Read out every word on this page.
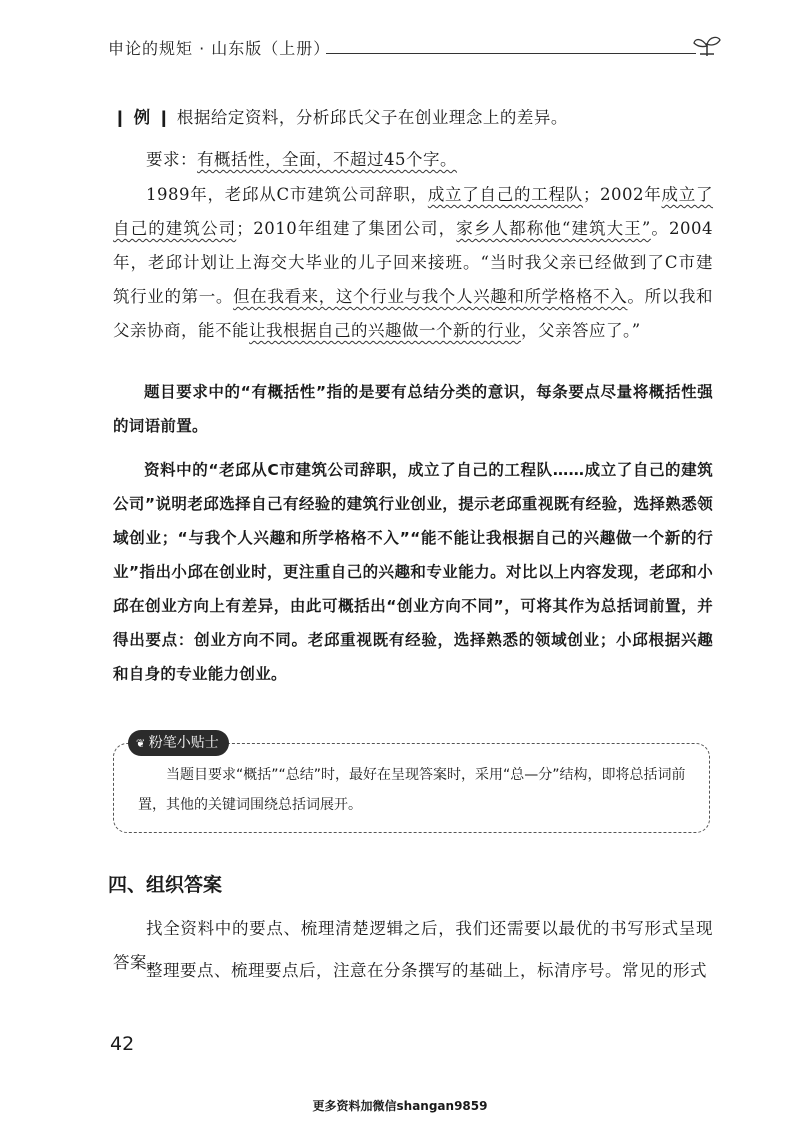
申论的规矩 · 山东版（上册）
❙ 例 ❙ 根据给定资料，分析邱氏父子在创业理念上的差异。
要求：有概括性，全面，不超过45个字。
1989年，老邱从C市建筑公司辞职，成立了自己的工程队；2002年成立了自己的建筑公司；2010年组建了集团公司，家乡人都称他“建筑大王”。2004年，老邱计划让上海交大毕业的儿子回来接班。“当时我父亲已经做到了C市建筑行业的第一。但在我看来，这个行业与我个人兴趣和所学格格不入。所以我和父亲协商，能不能让我根据自己的兴趣做一个新的行业，父亲答应了。”
题目要求中的“有概括性”指的是要有总结分类的意识，每条要点尽量将概括性强的词语前置。
资料中的“老邱从C市建筑公司辞职，成立了自己的工程队……成立了自己的建筑公司”说明老邱选择自己有经验的建筑行业创业，提示老邱重视既有经验，选择熟悉领域创业；“与我个人兴趣和所学格格不入”“能不能让我根据自己的兴趣做一个新的行业”指出小邱在创业时，更注重自己的兴趣和专业能力。对比以上内容发现，老邱和小邱在创业方向上有差异，由此可概括出“创业方向不同”，可将其作为总括词前置，并得出要点：创业方向不同。老邱重视既有经验，选择熟悉的领域创业；小邱根据兴趣和自身的专业能力创业。
❦ 粉笔小贴士
当题目要求“概括”“总结”时，最好在呈现答案时，采用“总—分”结构，即将总括词前置，其他的关键词围绕总括词展开。
四、组织答案
找全资料中的要点、梳理清楚逻辑之后，我们还需要以最优的书写形式呈现答案。
整理要点、梳理要点后，注意在分条撰写的基础上，标清序号。常见的形式
42
更多资料加微信shangan9859
